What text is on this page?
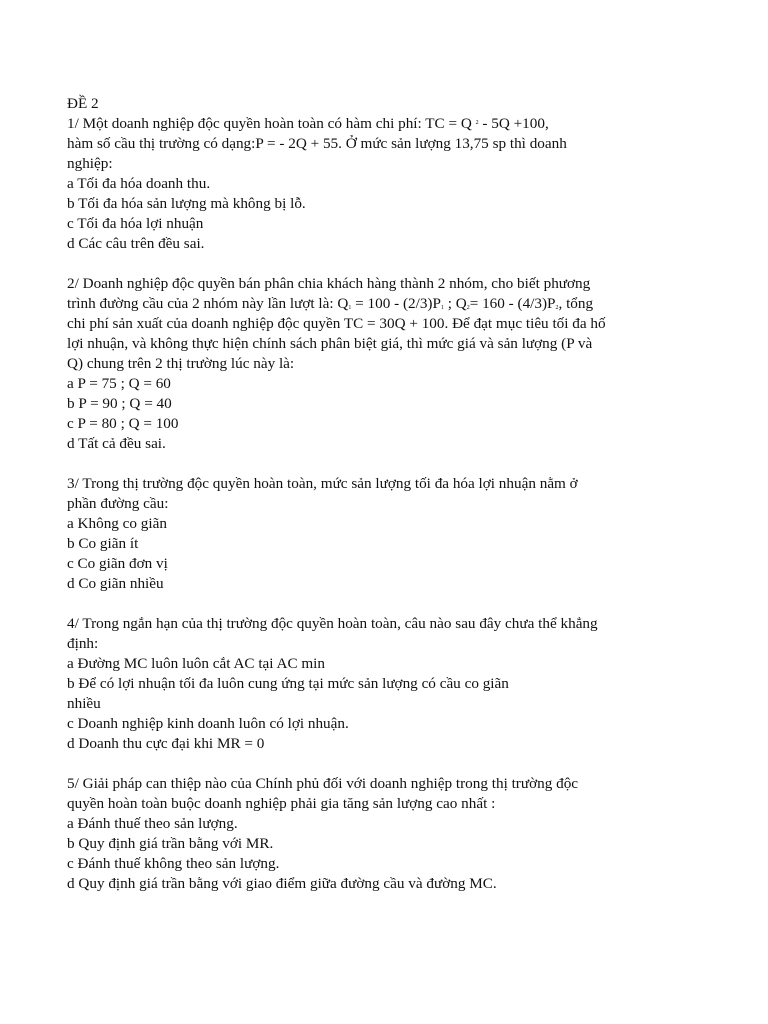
ĐỀ 2
1/ Một doanh nghiệp độc quyền hoàn toàn có hàm chi phí: TC = Q $^2$ - 5Q +100,
hàm số cầu thị trường có dạng:P = - 2Q + 55. Ở mức sản lượng 13,75 sp thì doanh
nghiệp:
a Tối đa hóa doanh thu.
b Tối đa hóa sản lượng mà không bị lỗ.
c Tối đa hóa lợi nhuận
d Các câu trên đều sai.
2/ Doanh nghiệp độc quyền bán phân chia khách hàng thành 2 nhóm, cho biết phương
trình đường cầu của 2 nhóm này lần lượt là: $Q_1 = 100 - (2/3)P_1$ ; $Q_2= 160 - (4/3)P_2$, tổng
chi phí sản xuất của doanh nghiệp độc quyền TC = 30Q + 100. Để đạt mục tiêu tối đa hố
lợi nhuận, và không thực hiện chính sách phân biệt giá, thì mức giá và sản lượng (P và
Q) chung trên 2 thị trường lúc này là:
a P = 75 ; Q = 60
b P = 90 ; Q = 40
c P = 80 ; Q = 100
d Tất cả đều sai.
3/ Trong thị trường độc quyền hoàn toàn, mức sản lượng tối đa hóa lợi nhuận nằm ở
phần đường cầu:
a Không co giãn
b Co giãn ít
c Co giãn đơn vị
d Co giãn nhiều
4/ Trong ngắn hạn của thị trường độc quyền hoàn toàn, câu nào sau đây chưa thể khẳng
định:
a Đường MC luôn luôn cắt AC tại AC min
b Để có lợi nhuận tối đa luôn cung ứng tại mức sản lượng có cầu co giãn
nhiều
c Doanh nghiệp kinh doanh luôn có lợi nhuận.
d Doanh thu cực đại khi MR = 0
5/ Giải pháp can thiệp nào của Chính phủ đối với doanh nghiệp trong thị trường độc
quyền hoàn toàn buộc doanh nghiệp phải gia tăng sản lượng cao nhất :
a Đánh thuế theo sản lượng.
b Quy định giá trần bằng với MR.
c Đánh thuế không theo sản lượng.
d Quy định giá trần bằng với giao điểm giữa đường cầu và đường MC.
